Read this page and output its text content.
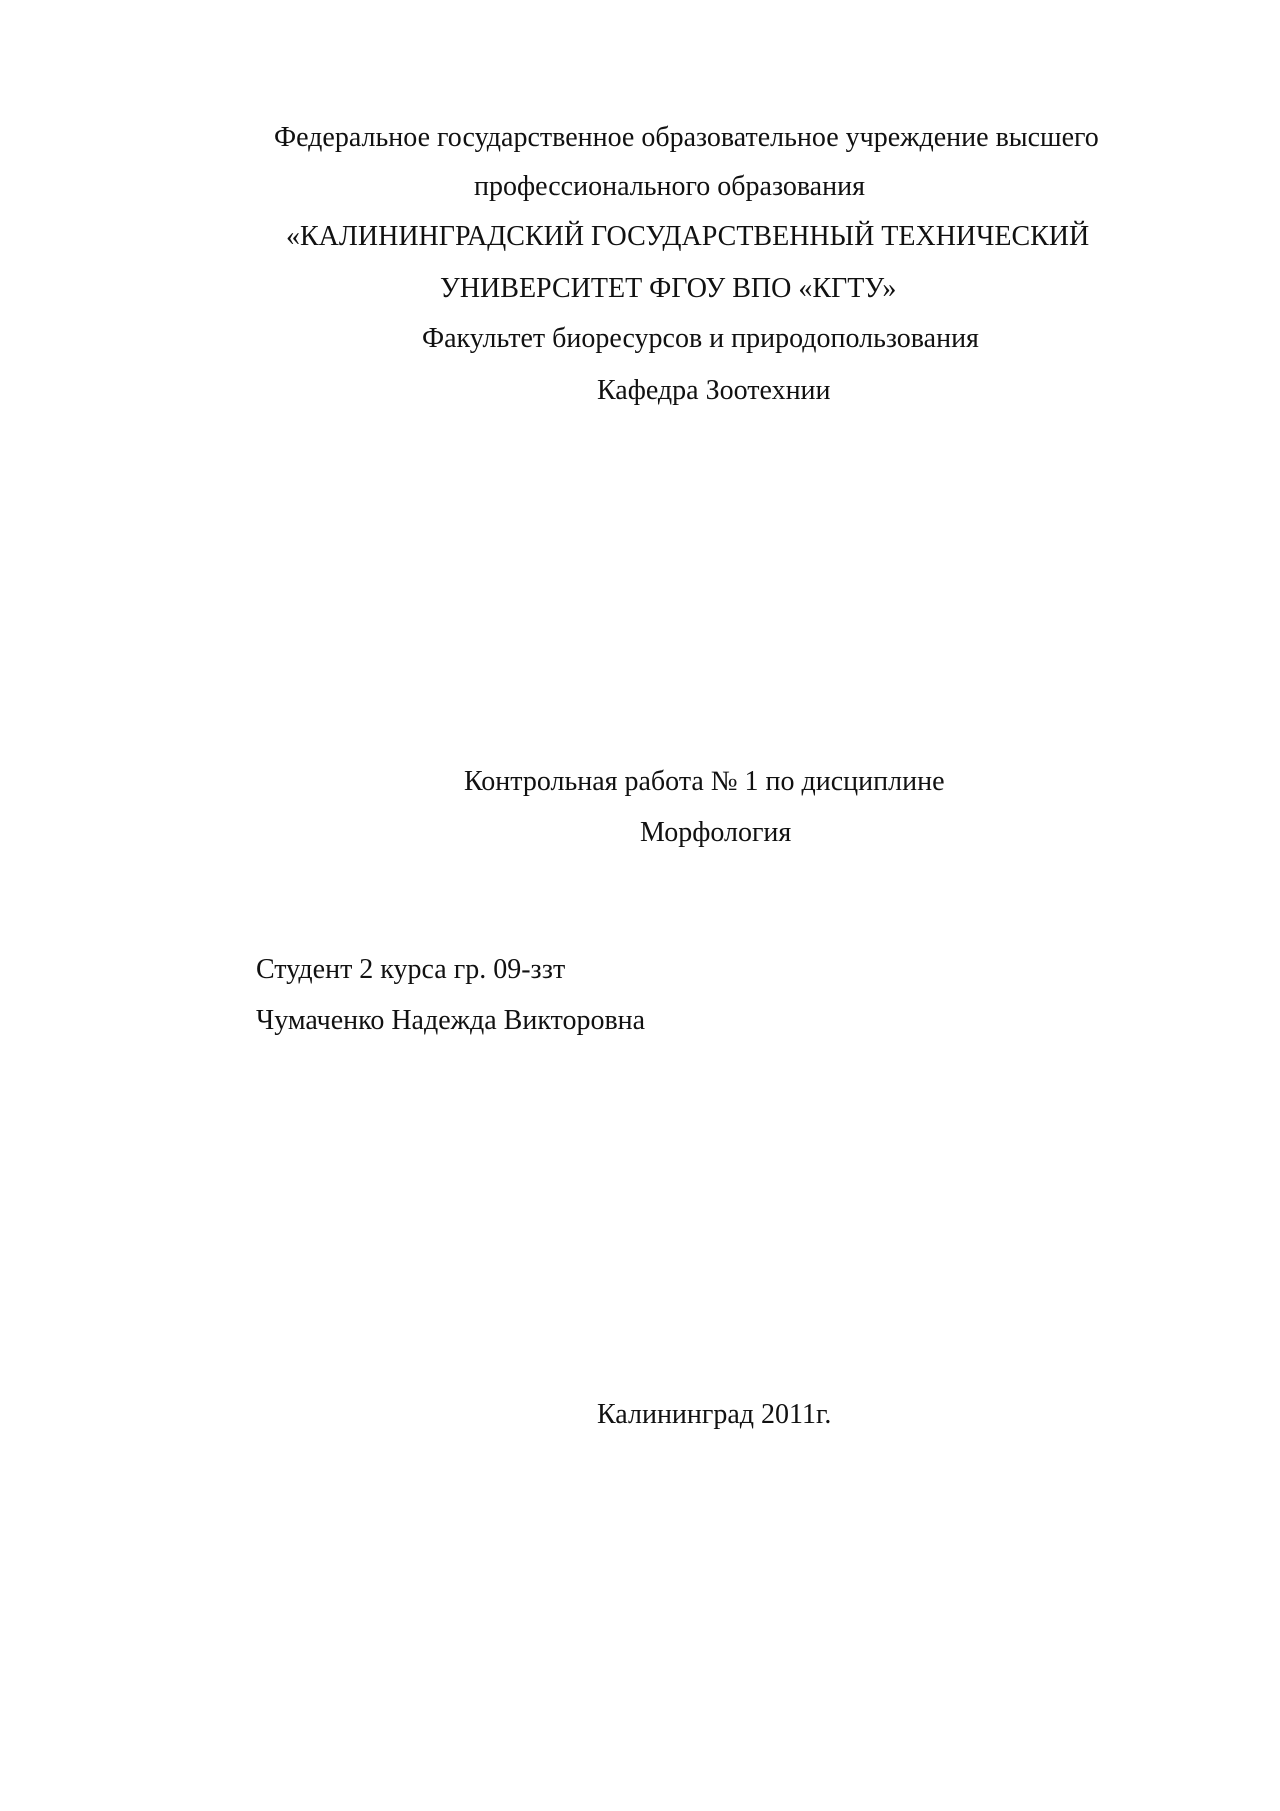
Федеральное государственное образовательное учреждение высшего
профессионального образования
«КАЛИНИНГРАДСКИЙ ГОСУДАРСТВЕННЫЙ ТЕХНИЧЕСКИЙ
УНИВЕРСИТЕТ ФГОУ ВПО «КГТУ»
Факультет биоресурсов и природопользования
Кафедра Зоотехнии
Контрольная работа № 1 по дисциплине
Морфология
Студент 2 курса гр. 09-ззт
Чумаченко Надежда Викторовна
Калининград 2011г.
